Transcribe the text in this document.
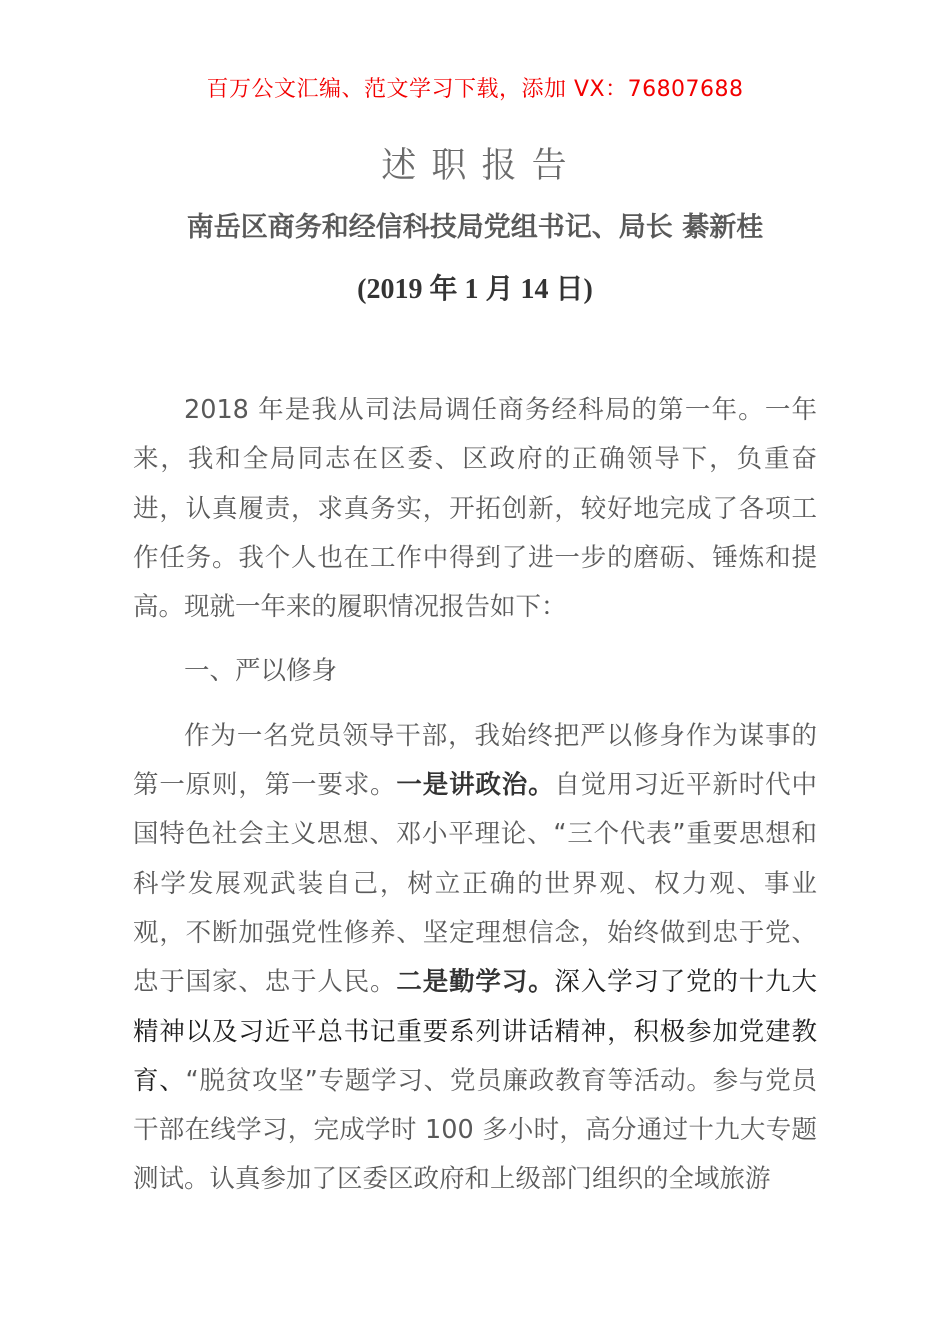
百万公文汇编、范文学习下载，添加 VX：76807688
述 职 报 告
南岳区商务和经信科技局党组书记、局长 綦新桂
(2019 年 1 月 14 日)

2018 年是我从司法局调任商务经科局的第一年。一年来，我和全局同志在区委、区政府的正确领导下，负重奋进，认真履责，求真务实，开拓创新，较好地完成了各项工作任务。我个人也在工作中得到了进一步的磨砺、锤炼和提高。现就一年来的履职情况报告如下：

一、严以修身

作为一名党员领导干部，我始终把严以修身作为谋事的第一原则，第一要求。一是讲政治。自觉用习近平新时代中国特色社会主义思想、邓小平理论、“三个代表”重要思想和科学发展观武装自己，树立正确的世界观、权力观、事业观，不断加强党性修养、坚定理想信念，始终做到忠于党、忠于国家、忠于人民。二是勤学习。深入学习了党的十九大精神以及习近平总书记重要系列讲话精神，积极参加党建教育、“脱贫攻坚”专题学习、党员廉政教育等活动。参与党员干部在线学习，完成学时 100 多小时，高分通过十九大专题测试。认真参加了区委区政府和上级部门组织的全域旅游
